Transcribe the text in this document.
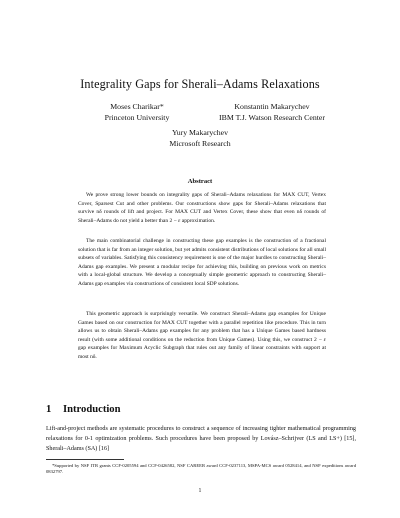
Integrality Gaps for Sherali–Adams Relaxations
Moses Charikar*
Princeton University
Konstantin Makarychev
IBM T.J. Watson Research Center
Yury Makarychev
Microsoft Research
Abstract

We prove strong lower bounds on integrality gaps of Sherali–Adams relaxations for MAX CUT, Vertex Cover, Sparsest Cut and other problems. Our constructions show gaps for Sherali–Adams relaxations that survive nδ rounds of lift and project. For MAX CUT and Vertex Cover, these show that even nδ rounds of Sherali–Adams do not yield a better than 2 − ε approximation.

The main combinatorial challenge in constructing these gap examples is the construction of a fractional solution that is far from an integer solution, but yet admits consistent distributions of local solutions for all small subsets of variables. Satisfying this consistency requirement is one of the major hurdles to constructing Sherali–Adams gap examples. We present a modular recipe for achieving this, building on previous work on metrics with a local-global structure. We develop a conceptually simple geometric approach to constructing Sherali–Adams gap examples via constructions of consistent local SDP solutions.

This geometric approach is surprisingly versatile. We construct Sherali–Adams gap examples for Unique Games based on our construction for MAX CUT together with a parallel repetition like procedure. This in turn allows us to obtain Sherali–Adams gap examples for any problem that has a Unique Games based hardness result (with some additional conditions on the reduction from Unique Games). Using this, we construct 2 − ε gap examples for Maximum Acyclic Subgraph that rules out any family of linear constraints with support at most nδ.

1 Introduction

Lift-and-project methods are systematic procedures to construct a sequence of increasing tighter mathematical programming relaxations for 0-1 optimization problems. Such procedures have been proposed by Lovász–Schrijver (LS and LS+) [15], Sherali–Adams (SA) [16]

*Supported by NSF ITR grants CCF-0205594 and CCF-0426582, NSF CAREER award CCF-0237113, MSPA-MCS award 0528414, and NSF expeditions award 0832797.

1
